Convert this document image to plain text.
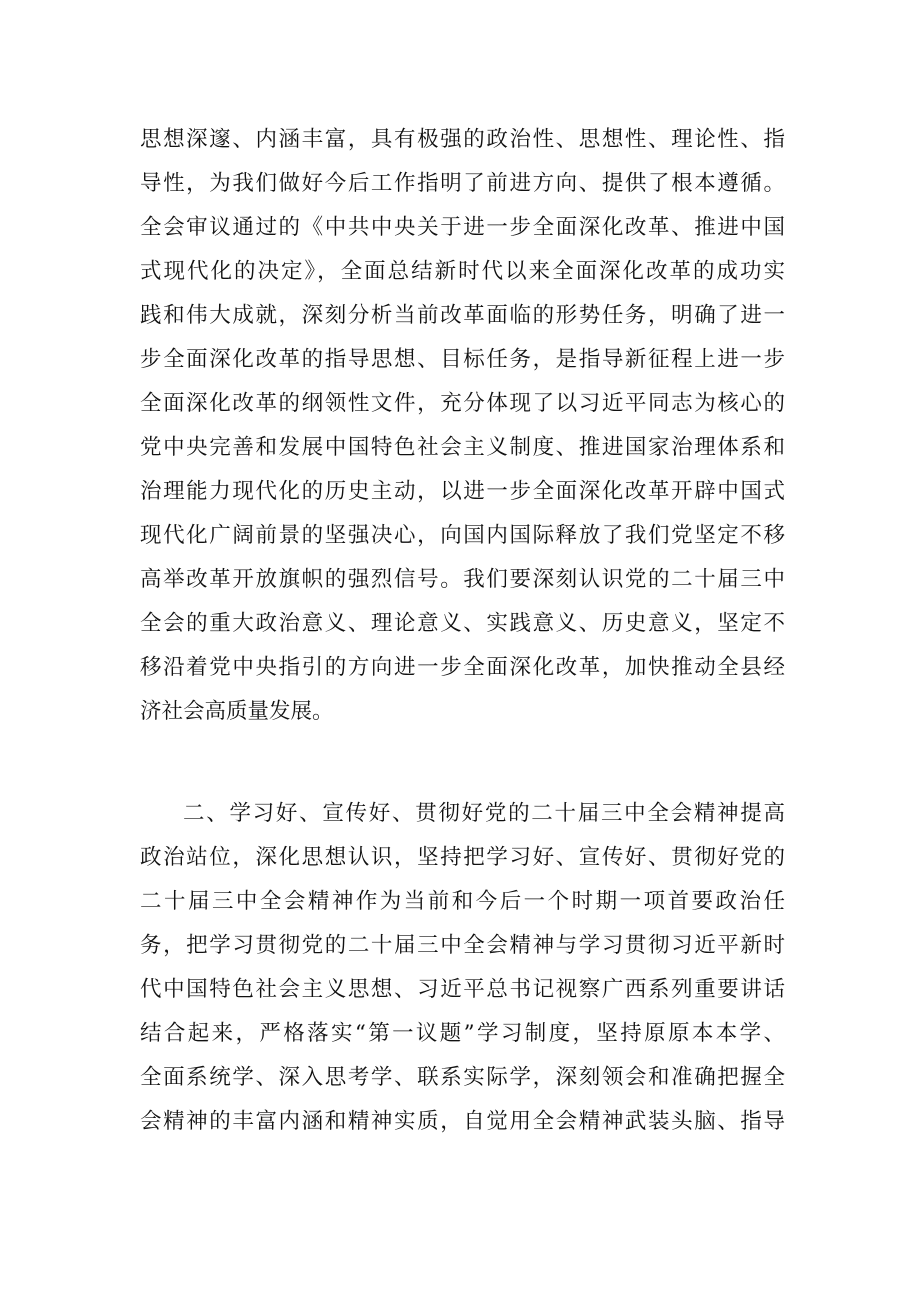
思想深邃、内涵丰富，具有极强的政治性、思想性、理论性、指
导性，为我们做好今后工作指明了前进方向、提供了根本遵循。
全会审议通过的《中共中央关于进一步全面深化改革、推进中国
式现代化的决定》，全面总结新时代以来全面深化改革的成功实
践和伟大成就，深刻分析当前改革面临的形势任务，明确了进一
步全面深化改革的指导思想、目标任务，是指导新征程上进一步
全面深化改革的纲领性文件，充分体现了以习近平同志为核心的
党中央完善和发展中国特色社会主义制度、推进国家治理体系和
治理能力现代化的历史主动，以进一步全面深化改革开辟中国式
现代化广阔前景的坚强决心，向国内国际释放了我们党坚定不移
高举改革开放旗帜的强烈信号。我们要深刻认识党的二十届三中
全会的重大政治意义、理论意义、实践意义、历史意义，坚定不
移沿着党中央指引的方向进一步全面深化改革，加快推动全县经
济社会高质量发展。
二、学习好、宣传好、贯彻好党的二十届三中全会精神提高
政治站位，深化思想认识，坚持把学习好、宣传好、贯彻好党的
二十届三中全会精神作为当前和今后一个时期一项首要政治任
务，把学习贯彻党的二十届三中全会精神与学习贯彻习近平新时
代中国特色社会主义思想、习近平总书记视察广西系列重要讲话
结合起来，严格落实“第一议题”学习制度，坚持原原本本学、
全面系统学、深入思考学、联系实际学，深刻领会和准确把握全
会精神的丰富内涵和精神实质，自觉用全会精神武装头脑、指导
